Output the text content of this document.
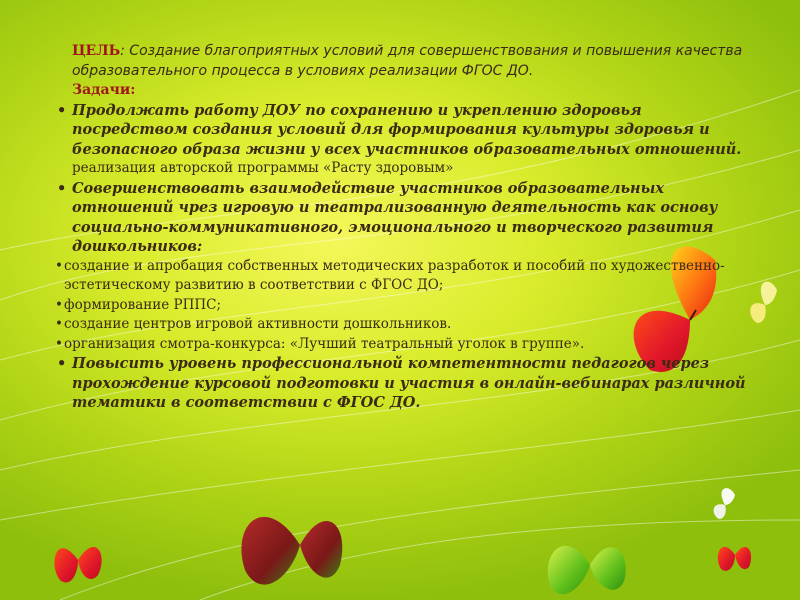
ЦЕЛЬ: Создание благоприятных условий для совершенствования и повышения качества образовательного процесса в условиях реализации ФГОС ДО.
Задачи:
• Продолжать работу ДОУ по сохранению и укреплению здоровья посредством создания условий для формирования культуры здоровья и безопасного образа жизни у всех участников образовательных отношений.
реализация авторской программы «Расту здоровым»
• Совершенствовать взаимодействие участников образовательных отношений чрез игровую и театрализованную деятельность как основу социально-коммуникативного, эмоционального и творческого развития дошкольников:
• создание и апробация собственных методических разработок и пособий по художественно-эстетическому развитию в соответствии с ФГОС ДО;
• формирование РППС;
• создание центров игровой активности дошкольников.
• организация смотра-конкурса: «Лучший театральный уголок в группе».
• Повысить уровень профессиональной компетентности педагогов через прохождение курсовой подготовки и участия в онлайн-вебинарах различной тематики в соответствии с ФГОС ДО.
